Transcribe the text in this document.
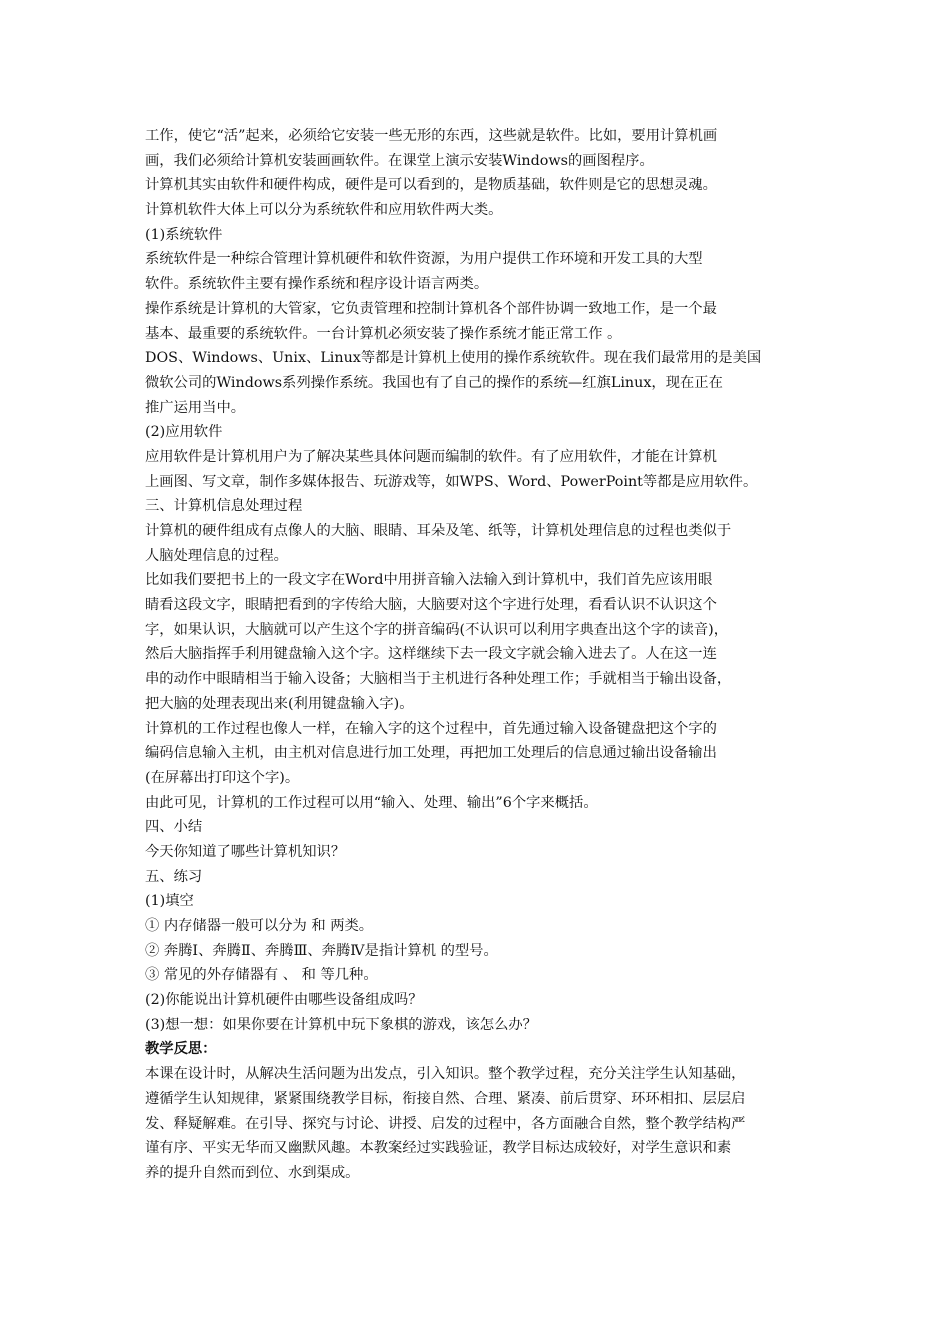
工作，使它“活”起来，必须给它安装一些无形的东西，这些就是软件。比如，要用计算机画
画，我们必须给计算机安装画画软件。在课堂上演示安装Windows的画图程序。
计算机其实由软件和硬件构成，硬件是可以看到的，是物质基础，软件则是它的思想灵魂。
计算机软件大体上可以分为系统软件和应用软件两大类。
(1)系统软件
系统软件是一种综合管理计算机硬件和软件资源，为用户提供工作环境和开发工具的大型
软件。系统软件主要有操作系统和程序设计语言两类。
操作系统是计算机的大管家，它负责管理和控制计算机各个部件协调一致地工作，是一个最
基本、最重要的系统软件。一台计算机必须安装了操作系统才能正常工作 。
DOS、Windows、Unix、Linux等都是计算机上使用的操作系统软件。现在我们最常用的是美国
微软公司的Windows系列操作系统。我国也有了自己的操作的系统—红旗Linux，现在正在
推广运用当中。
(2)应用软件
应用软件是计算机用户为了解决某些具体问题而编制的软件。有了应用软件，才能在计算机
上画图、写文章，制作多媒体报告、玩游戏等，如WPS、Word、PowerPoint等都是应用软件。
三、计算机信息处理过程
计算机的硬件组成有点像人的大脑、眼睛、耳朵及笔、纸等，计算机处理信息的过程也类似于
人脑处理信息的过程。
比如我们要把书上的一段文字在Word中用拼音输入法输入到计算机中，我们首先应该用眼
睛看这段文字，眼睛把看到的字传给大脑，大脑要对这个字进行处理，看看认识不认识这个
字，如果认识，大脑就可以产生这个字的拼音编码(不认识可以利用字典查出这个字的读音)，
然后大脑指挥手利用键盘输入这个字。这样继续下去一段文字就会输入进去了。人在这一连
串的动作中眼睛相当于输入设备；大脑相当于主机进行各种处理工作；手就相当于输出设备，
把大脑的处理表现出来(利用键盘输入字)。
计算机的工作过程也像人一样，在输入字的这个过程中，首先通过输入设备键盘把这个字的
编码信息输入主机，由主机对信息进行加工处理，再把加工处理后的信息通过输出设备输出
(在屏幕出打印这个字)。
由此可见，计算机的工作过程可以用“输入、处理、输出”6个字来概括。
四、小结
今天你知道了哪些计算机知识？
五、练习
(1)填空
① 内存储器一般可以分为 和 两类。
② 奔腾Ⅰ、奔腾Ⅱ、奔腾Ⅲ、奔腾Ⅳ是指计算机 的型号。
③ 常见的外存储器有 、 和 等几种。
(2)你能说出计算机硬件由哪些设备组成吗？
(3)想一想：如果你要在计算机中玩下象棋的游戏，该怎么办？
教学反思：
本课在设计时，从解决生活问题为出发点，引入知识。整个教学过程，充分关注学生认知基础，
遵循学生认知规律，紧紧围绕教学目标，衔接自然、合理、紧凑、前后贯穿、环环相扣、层层启
发、释疑解难。在引导、探究与讨论、讲授、启发的过程中，各方面融合自然，整个教学结构严
谨有序、平实无华而又幽默风趣。本教案经过实践验证，教学目标达成较好，对学生意识和素
养的提升自然而到位、水到渠成。
